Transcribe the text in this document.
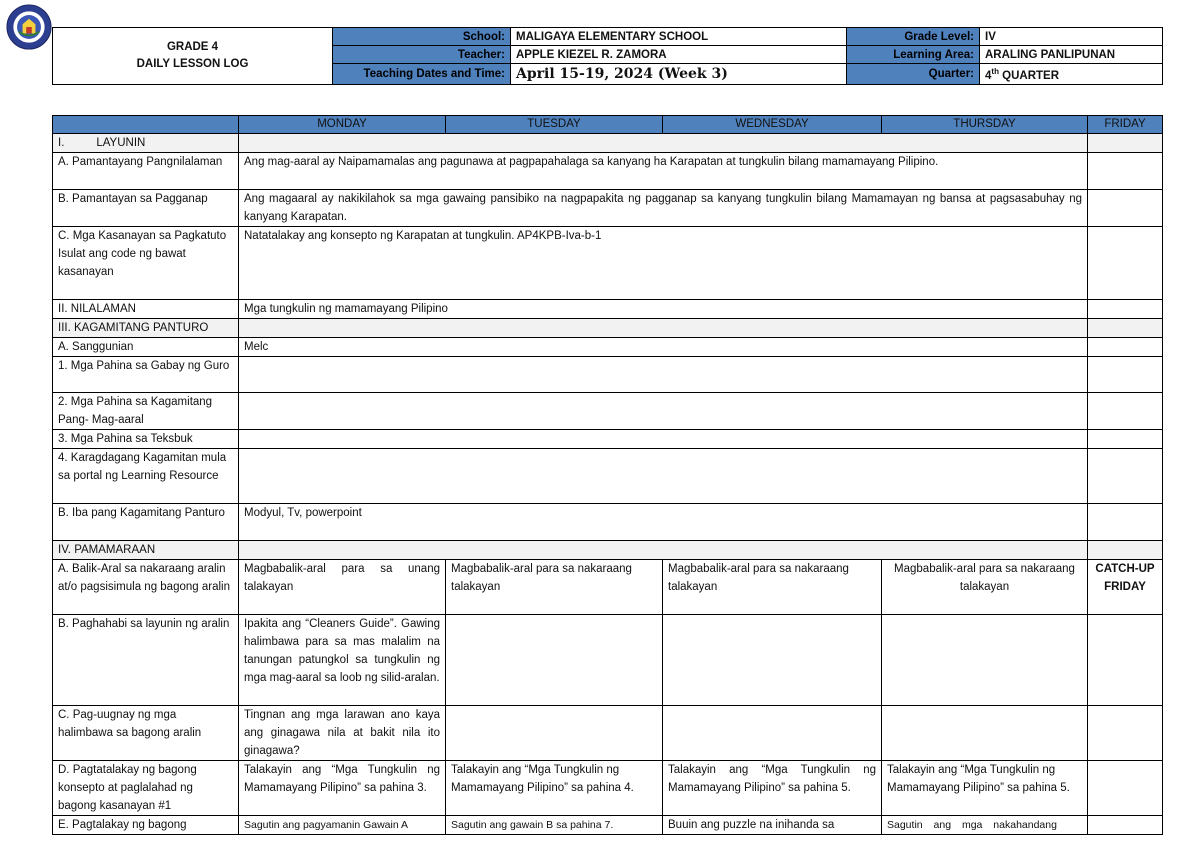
GRADE 4
DAILY LESSON LOG	School:	MALIGAYA ELEMENTARY SCHOOL	Grade Level:	IV
	Teacher:	APPLE KIEZEL R. ZAMORA	Learning Area:	ARALING PANLIPUNAN
	Teaching Dates and Time:	April 15-19, 2024 (Week 3)	Quarter:	4th QUARTER
	MONDAY	TUESDAY	WEDNESDAY	THURSDAY	FRIDAY
I.          LAYUNIN					
A. Pamantayang Pangnilalaman	Ang mag-aaral ay Naipamamalas ang pagunawa at pagpapahalaga sa kanyang ha Karapatan at tungkulin bilang mamamayang Pilipino.				
B. Pamantayan sa Pagganap	Ang magaaral ay nakikilahok sa mga gawaing pansibiko na nagpapakita ng pagganap sa kanyang tungkulin bilang Mamamayan ng bansa at pagsasabuhay ng kanyang Karapatan.				
C. Mga Kasanayan sa Pagkatuto Isulat ang code ng bawat kasanayan	Natatalakay ang konsepto ng Karapatan at tungkulin. AP4KPB-Iva-b-1				
II. NILALAMAN	Mga tungkulin ng mamamayang Pilipino				
III. KAGAMITANG PANTURO					
A. Sanggunian	Melc				
1. Mga Pahina sa Gabay ng Guro					
2. Mga Pahina sa Kagamitang Pang- Mag-aaral					
3. Mga Pahina sa Teksbuk					
4. Karagdagang Kagamitan mula sa portal ng Learning Resource					
B. Iba pang Kagamitang Panturo	Modyul, Tv, powerpoint				
IV. PAMAMARAAN					
A. Balik-Aral sa nakaraang aralin at/o pagsisimula ng bagong aralin	Magbabalik-aral para sa unang talakayan	Magbabalik-aral para sa nakaraang talakayan	Magbabalik-aral para sa nakaraang talakayan	Magbabalik-aral para sa nakaraang talakayan	CATCH-UP FRIDAY
B. Paghahabi sa layunin ng aralin	Ipakita ang “Cleaners Guide”. Gawing halimbawa para sa mas malalim na tanungan patungkol sa tungkulin ng mga mag-aaral sa loob ng silid-aralan.				
C. Pag-uugnay ng mga halimbawa sa bagong aralin	Tingnan ang mga larawan ano kaya ang ginagawa nila at bakit nila ito ginagawa?				
D. Pagtatalakay ng bagong konsepto at paglalahad ng bagong kasanayan #1	Talakayin ang “Mga Tungkulin ng Mamamayang Pilipino” sa pahina 3.	Talakayin ang “Mga Tungkulin ng Mamamayang Pilipino” sa pahina 4.	Talakayin ang “Mga Tungkulin ng Mamamayang Pilipino” sa pahina 5.	Talakayin ang “Mga Tungkulin ng Mamamayang Pilipino” sa pahina 5.	
E. Pagtalakay ng bagong	Sagutin ang pagyamanin Gawain A	Sagutin ang gawain B sa pahina 7.	Buuin ang puzzle na inihanda sa	Sagutin ang mga nakahandang	
